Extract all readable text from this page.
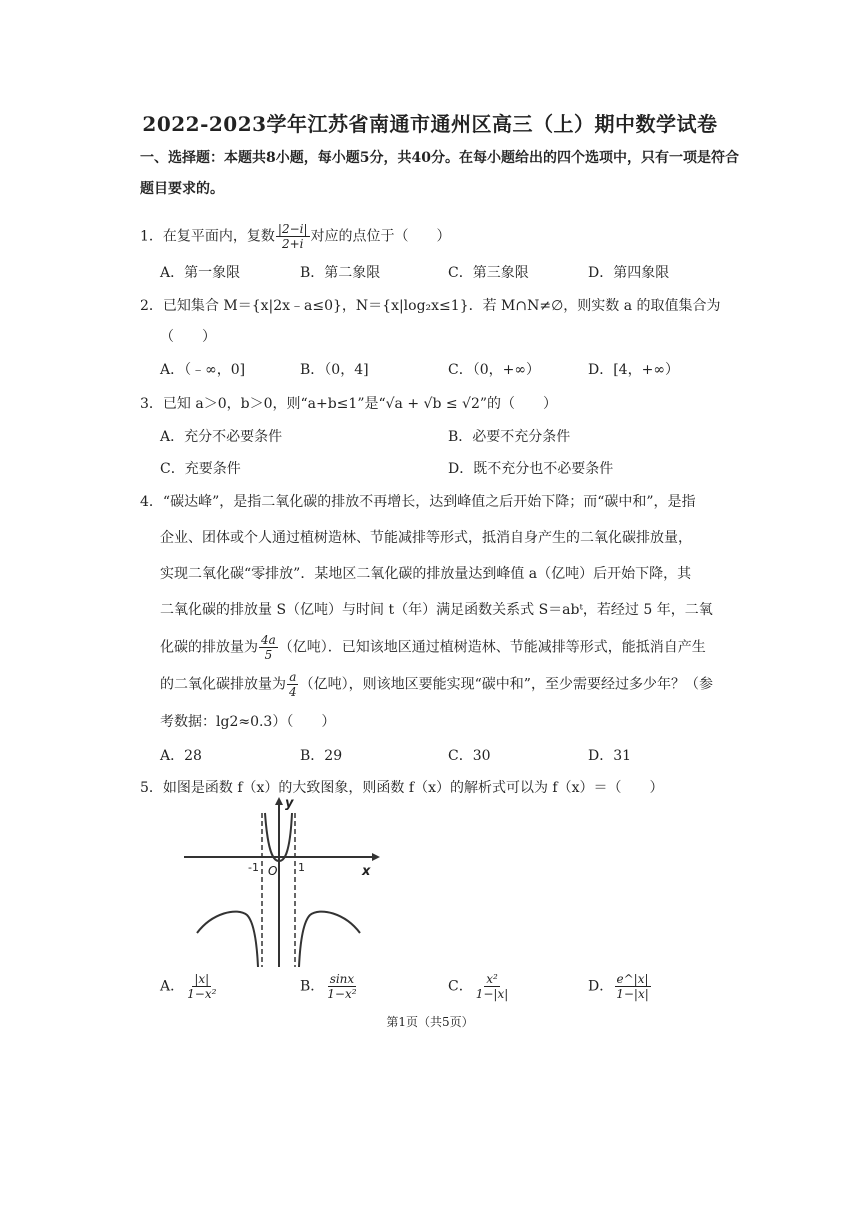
2022-2023学年江苏省南通市通州区高三（上）期中数学试卷
一、选择题：本题共8小题，每小题5分，共40分。在每小题给出的四个选项中，只有一项是符合题目要求的。
1．在复平面内，复数 $\frac{|2-i|}{2+i}$ 对应的点位于（　　）
A．第一象限	B．第二象限	C．第三象限	D．第四象限
2．已知集合 M＝{x|2x﹣a≤0}，N＝{x|log₂x≤1}．若 M∩N≠∅，则实数 a 的取值集合为
（　　）
A．（﹣∞，0]	B．（0，4]	C．（0，+∞）	D．[4，+∞）
3．已知 a＞0，b＞0，则“a+b≤1”是“√a + √b ≤ √2”的（　　）
A．充分不必要条件	B．必要不充分条件
C．充要条件	D．既不充分也不必要条件
4．“碳达峰”，是指二氧化碳的排放不再增长，达到峰值之后开始下降；而“碳中和”，是指
企业、团体或个人通过植树造林、节能减排等形式，抵消自身产生的二氧化碳排放量，
实现二氧化碳“零排放”．某地区二氧化碳的排放量达到峰值 a（亿吨）后开始下降，其
二氧化碳的排放量 S（亿吨）与时间 t（年）满足函数关系式 S＝abᵗ，若经过 5 年，二氧
化碳的排放量为 $\frac{4a}{5}$ （亿吨）．已知该地区通过植树造林、节能减排等形式，能抵消自产生
的二氧化碳排放量为 $\frac{a}{4}$ （亿吨），则该地区要能实现“碳中和”，至少需要经过多少年？（参
考数据：lg2≈0.3）（　　）
A．28	B．29	C．30	D．31
5．如图是函数 f（x）的大致图象，则函数 f（x）的解析式可以为 f（x）＝（　　）
y
x
O
-1	1
A． $\frac{|x|}{\text{1−x²}}$	B． $\frac{\sin x}{\text{1−x²}}$	C． $\frac{\text{x²}}{1-|x|}$	D． $\frac{e\^{}|x|}{1-|x|}$
第1页（共5页）
